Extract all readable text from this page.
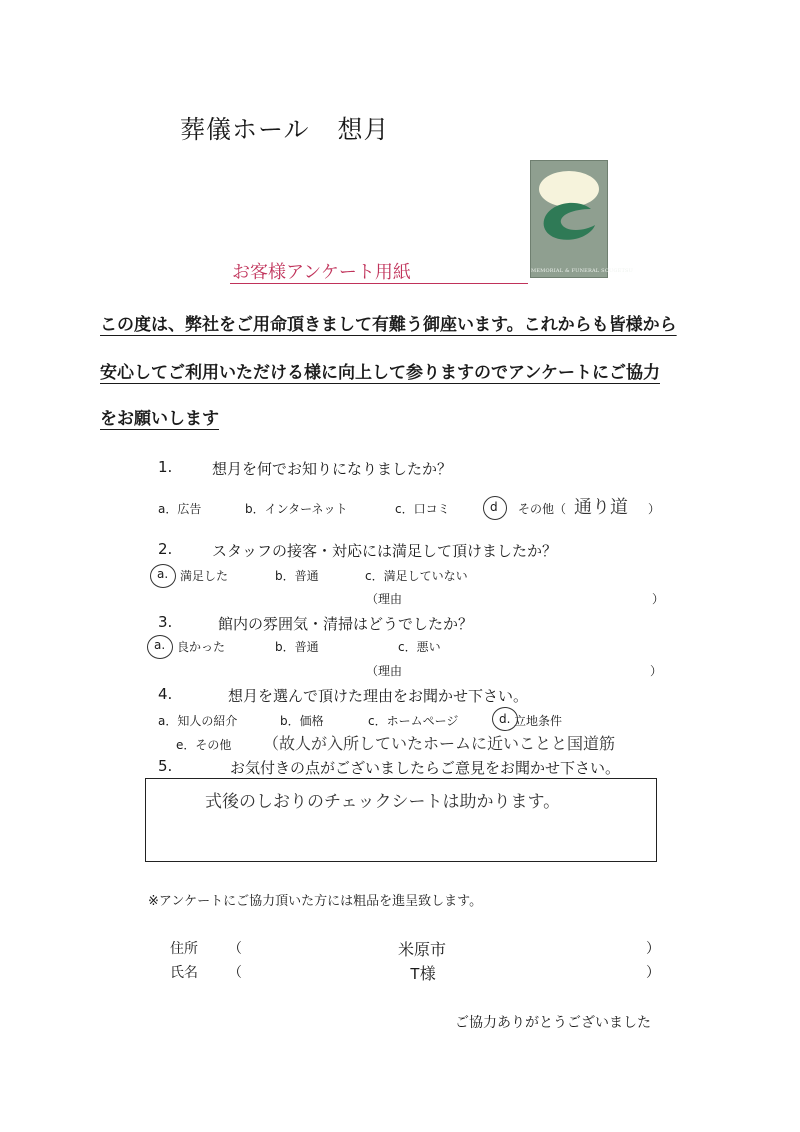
葬儀ホール 想月
MEMORIAL & FUNERAL SOUGETSU
お客様アンケート用紙
この度は、弊社をご用命頂きまして有難う御座います。これからも皆様から
安心してご利用いただける様に向上して参りますのでアンケートにご協力
をお願いします
1.	想月を何でお知りになりましたか？
a．広告	b．インターネット	c．口コミ	d その他（ 通り道 ）
2.	スタッフの接客・対応には満足して頂けましたか？
a. 満足した	b．普通	c．満足していない
（理由	）
3.	館内の雰囲気・清掃はどうでしたか？
a. 良かった	b．普通	c．悪い
（理由	）
4.	想月を選んで頂けた理由をお聞かせ下さい。
a．知人の紹介	b．価格	c．ホームページ	d. 立地条件
e．その他 （故人が入所していたホームに近いことと国道筋
5.	お気付きの点がございましたらご意見をお聞かせ下さい。
式後のしおりのチェックシートは助かります。
※アンケートにご協力頂いた方には粗品を進呈致します。
住所 （	米原市	）
氏名 （	T様	）
ご協力ありがとうございました
